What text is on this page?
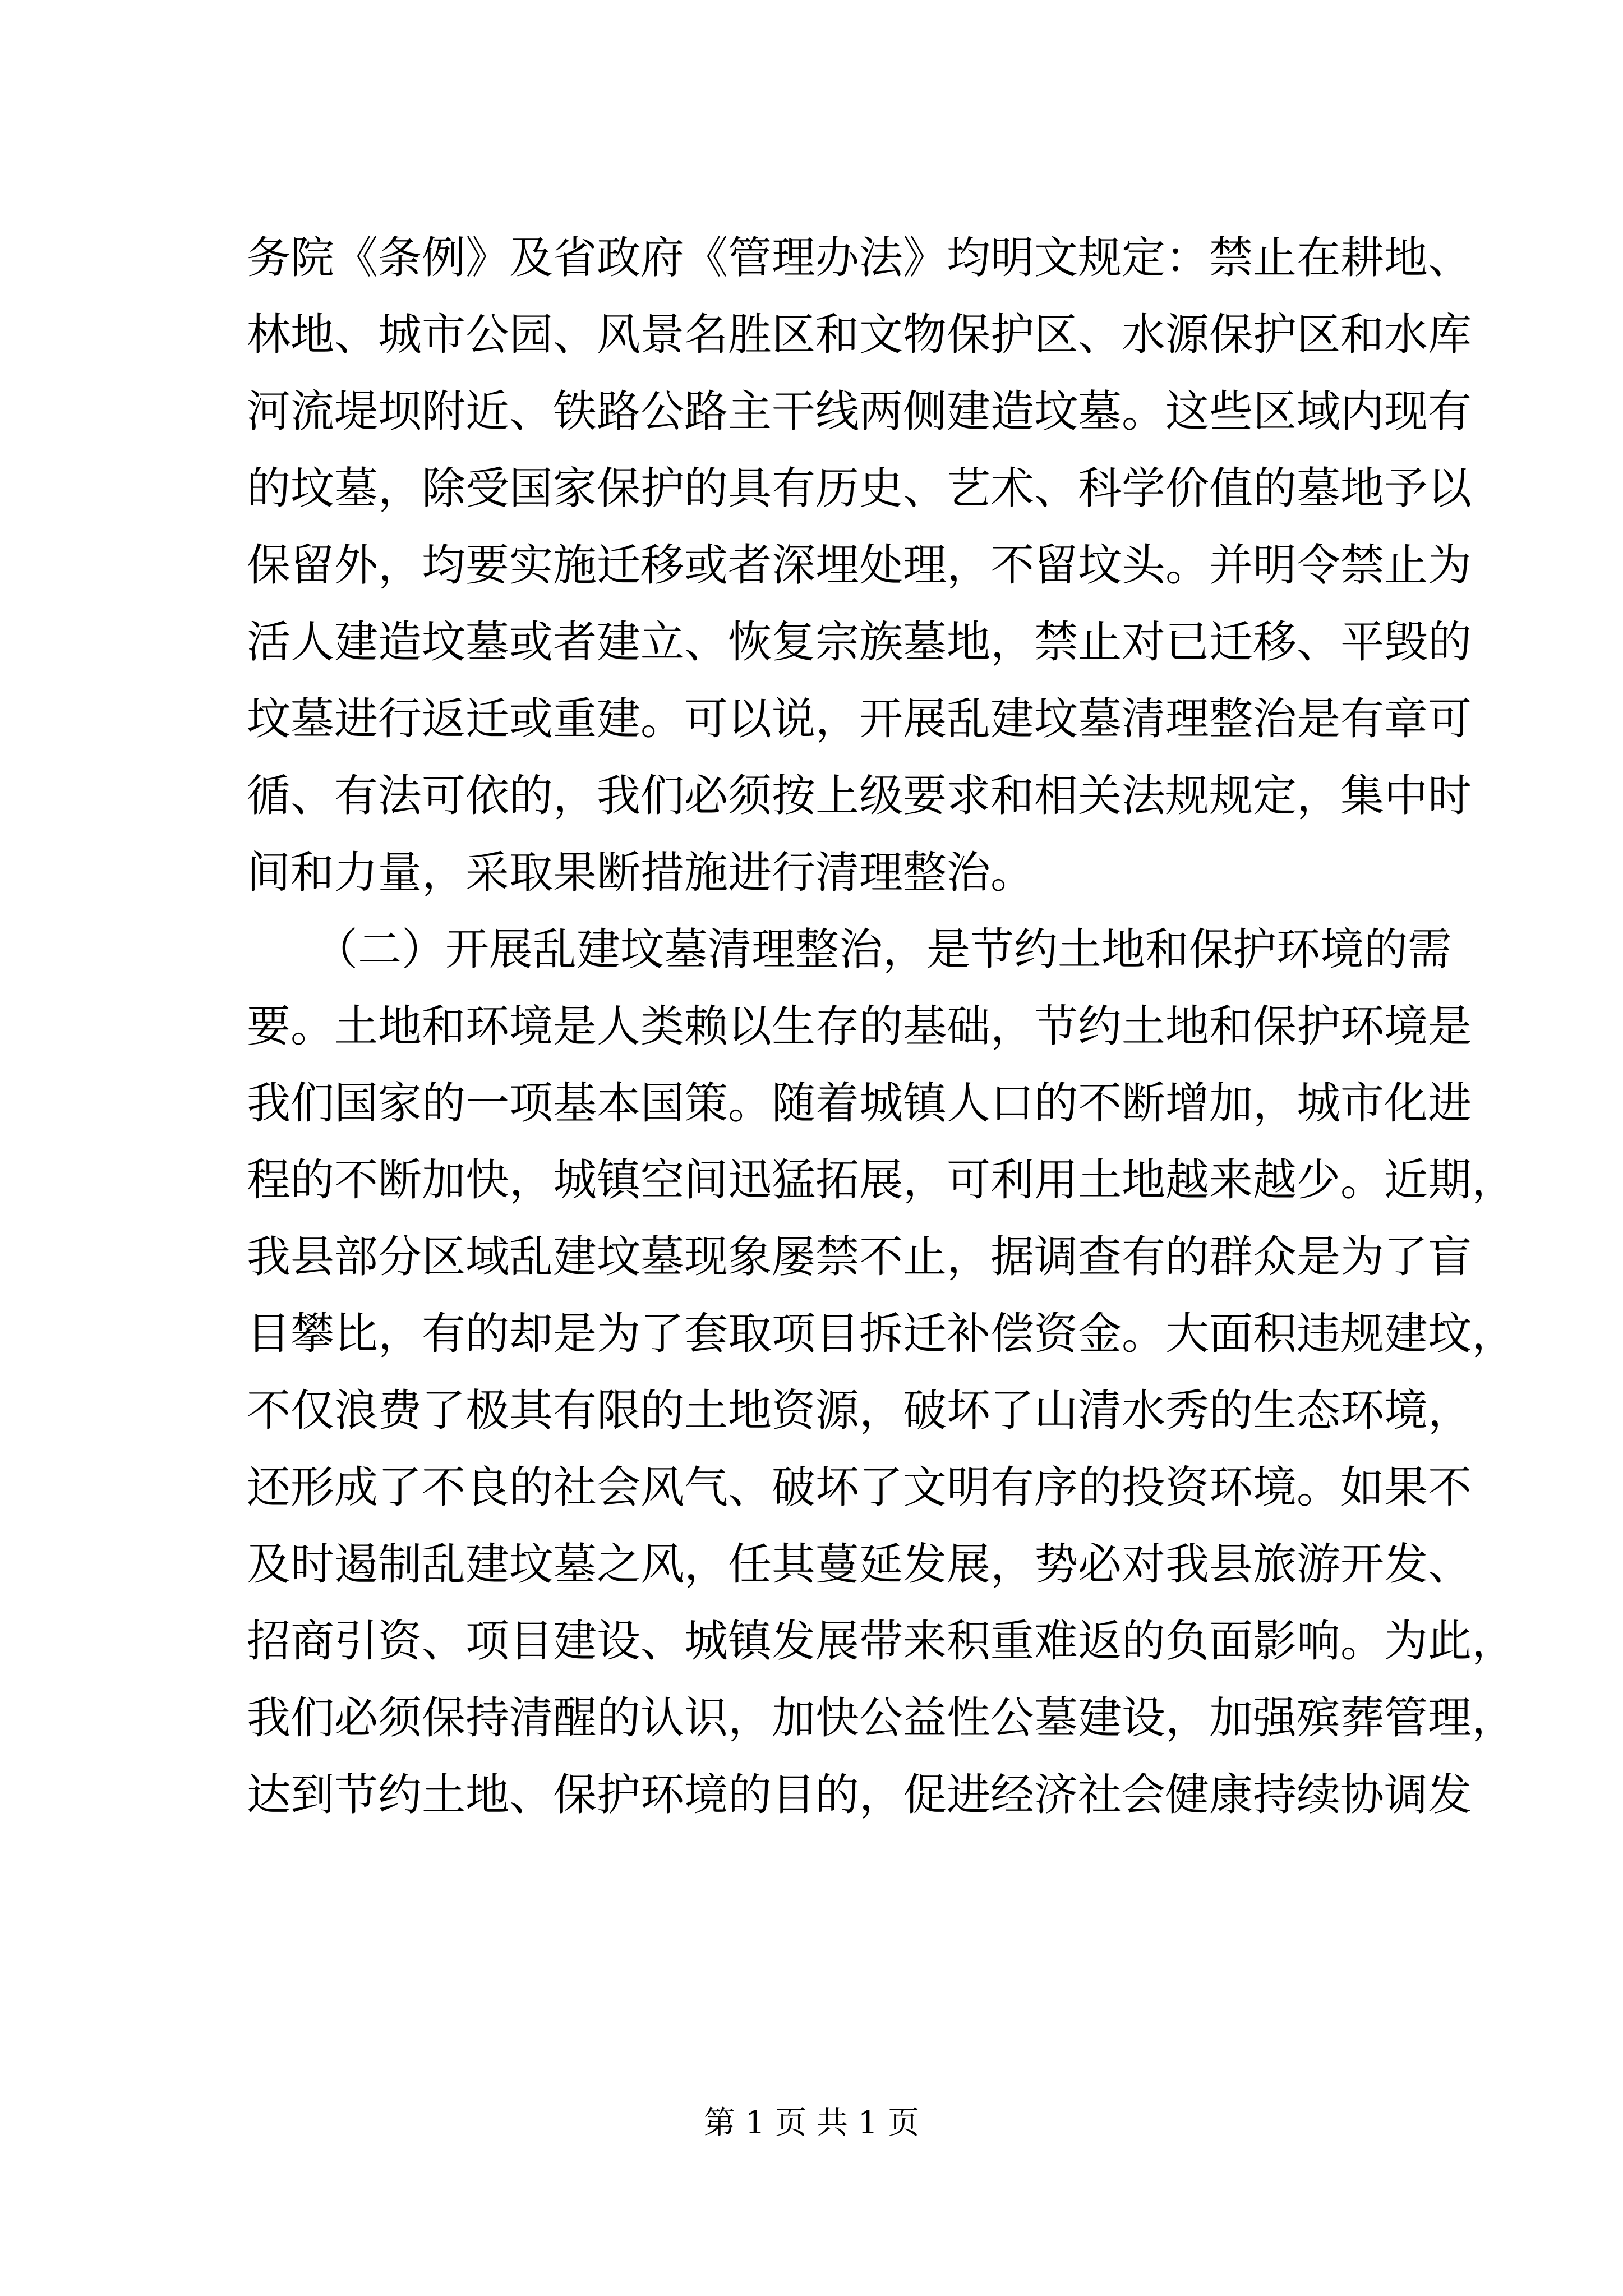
务院《条例》及省政府《管理办法》均明文规定：禁止在耕地、
林地、城市公园、风景名胜区和文物保护区、水源保护区和水库
河流堤坝附近、铁路公路主干线两侧建造坟墓。这些区域内现有
的坟墓，除受国家保护的具有历史、艺术、科学价值的墓地予以
保留外，均要实施迁移或者深埋处理，不留坟头。并明令禁止为
活人建造坟墓或者建立、恢复宗族墓地，禁止对已迁移、平毁的
坟墓进行返迁或重建。可以说，开展乱建坟墓清理整治是有章可
循、有法可依的，我们必须按上级要求和相关法规规定，集中时
间和力量，采取果断措施进行清理整治。
（二）开展乱建坟墓清理整治，是节约土地和保护环境的需
要。土地和环境是人类赖以生存的基础，节约土地和保护环境是
我们国家的一项基本国策。随着城镇人口的不断增加，城市化进
程的不断加快，城镇空间迅猛拓展，可利用土地越来越少。近期，
我县部分区域乱建坟墓现象屡禁不止，据调查有的群众是为了盲
目攀比，有的却是为了套取项目拆迁补偿资金。大面积违规建坟，
不仅浪费了极其有限的土地资源，破坏了山清水秀的生态环境，
还形成了不良的社会风气、破坏了文明有序的投资环境。如果不
及时遏制乱建坟墓之风，任其蔓延发展，势必对我县旅游开发、
招商引资、项目建设、城镇发展带来积重难返的负面影响。为此，
我们必须保持清醒的认识，加快公益性公墓建设，加强殡葬管理，
达到节约土地、保护环境的目的，促进经济社会健康持续协调发
第 1 页 共 1 页
